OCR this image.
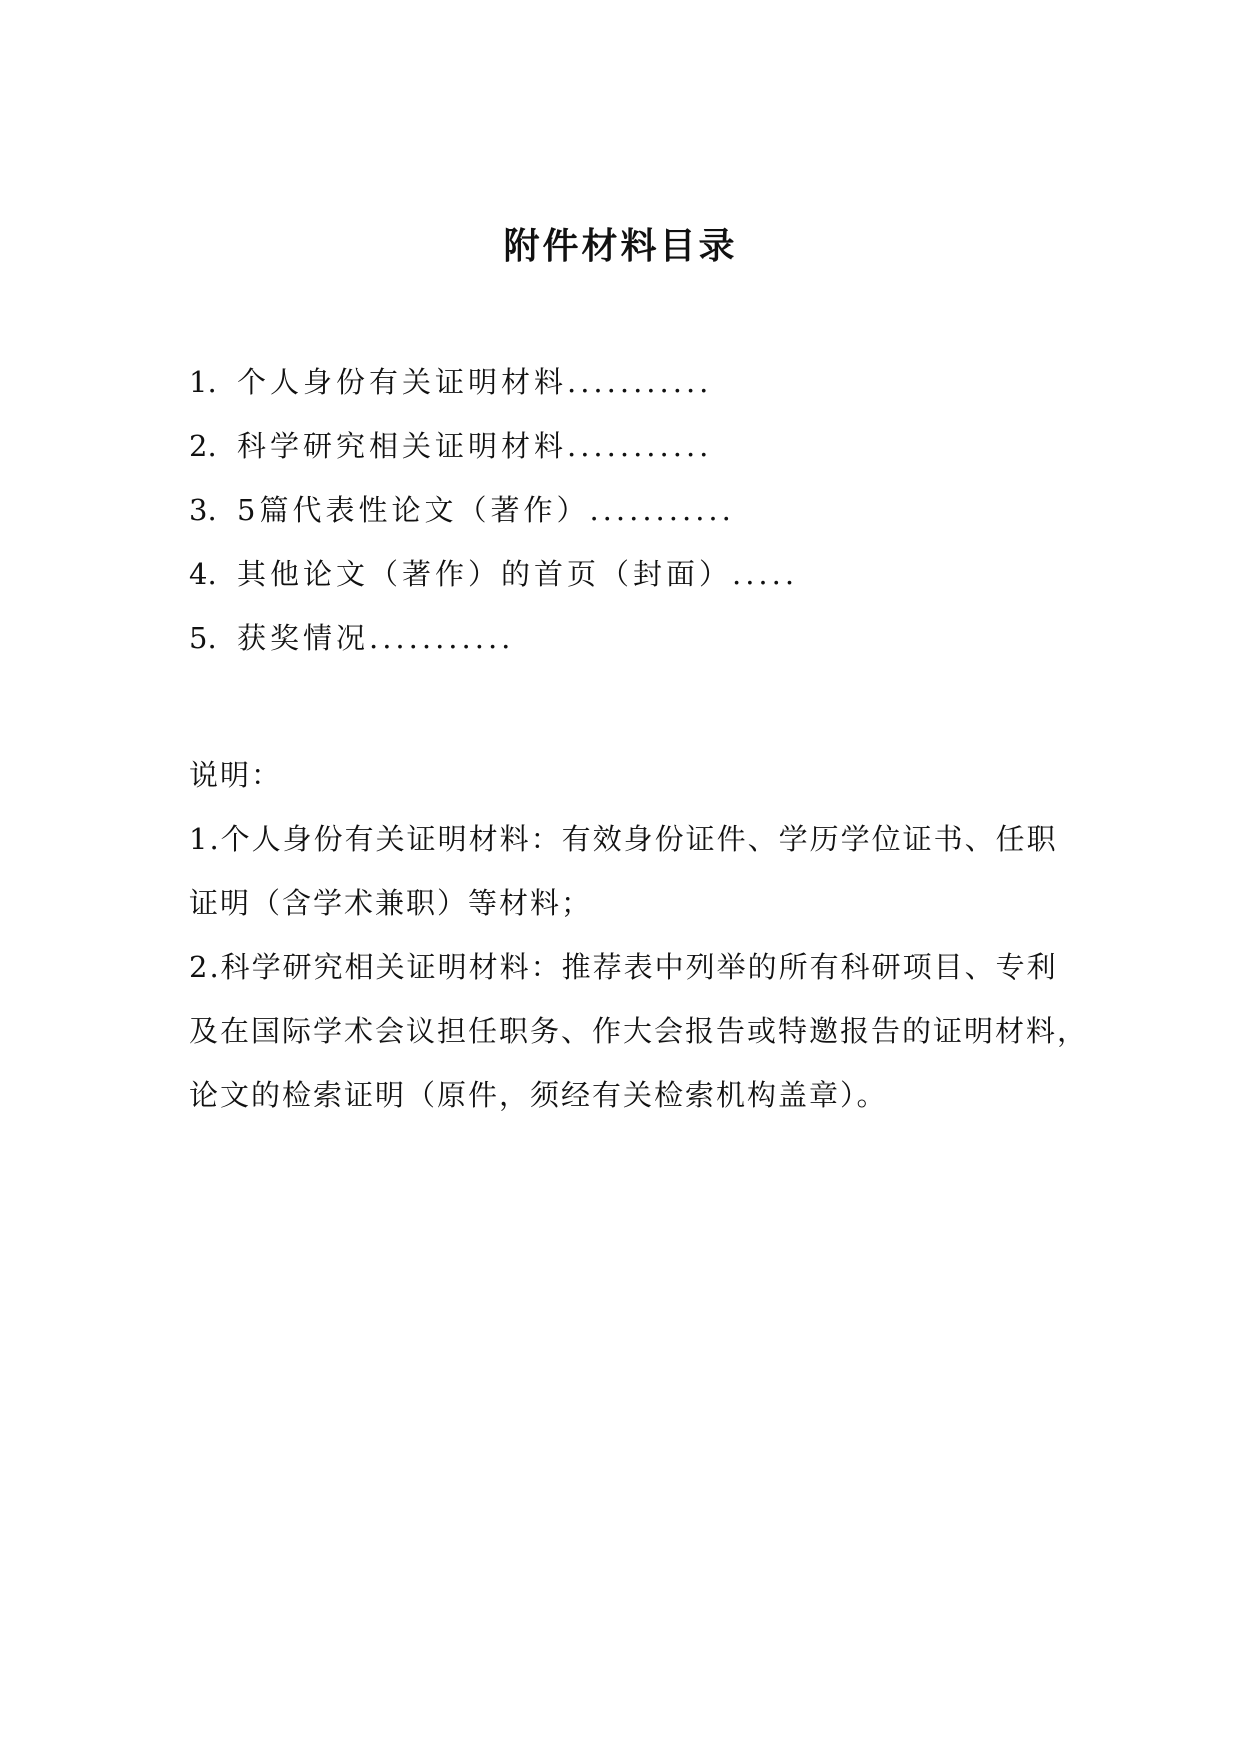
附件材料目录
1. 个人身份有关证明材料...........
2. 科学研究相关证明材料...........
3. 5篇代表性论文（著作）...........
4. 其他论文（著作）的首页（封面）.....
5. 获奖情况...........
说明：
1.个人身份有关证明材料：有效身份证件、学历学位证书、任职
证明（含学术兼职）等材料；
2.科学研究相关证明材料：推荐表中列举的所有科研项目、专利
及在国际学术会议担任职务、作大会报告或特邀报告的证明材料，
论文的检索证明（原件，须经有关检索机构盖章）。
